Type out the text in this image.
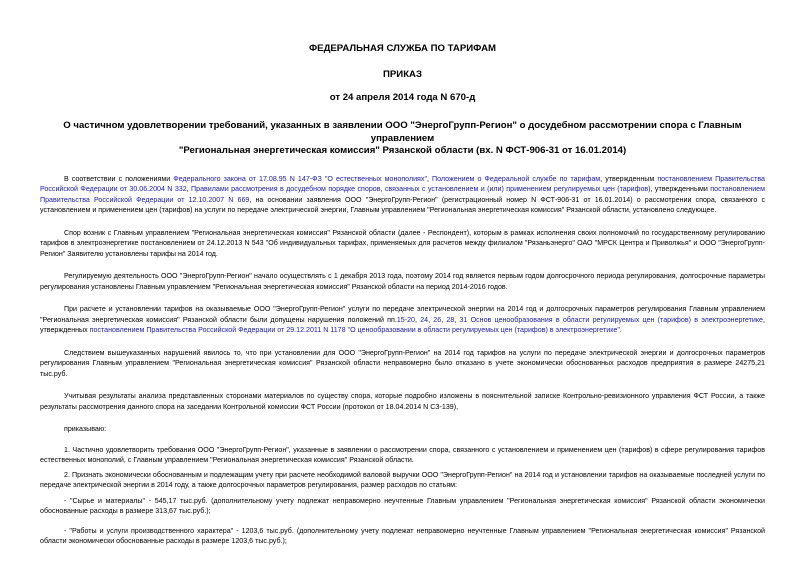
ФЕДЕРАЛЬНАЯ СЛУЖБА ПО ТАРИФАМ
ПРИКАЗ
от 24 апреля 2014 года N 670-д
О частичном удовлетворении требований, указанных в заявлении ООО "ЭнергоГрупп-Регион" о досудебном рассмотрении спора с Главным управлением
"Региональная энергетическая комиссия" Рязанской области (вх. N ФСТ-906-31 от 16.01.2014)

В соответствии с положениями Федерального закона от 17.08.95 N 147-ФЗ "О естественных монополиях", Положением о Федеральной службе по тарифам, утвержденным постановлением Правительства Российской Федерации от 30.06.2004 N 332, Правилами рассмотрения в досудебном порядке споров, связанных с установлением и (или) применением регулируемых цен (тарифов), утвержденными постановлением Правительства Российской Федерации от 12.10.2007 N 669, на основании заявления ООО "ЭнергоГрупп-Регион" (регистрационный номер N ФСТ-906-31 от 16.01.2014) о рассмотрении спора, связанного с установлением и применением цен (тарифов) на услуги по передаче электрической энергии, Главным управлением "Региональная энергетическая комиссия" Рязанской области, установлено следующее.

Спор возник с Главным управлением "Региональная энергетическая комиссия" Рязанской области (далее - Респондент), которым в рамках исполнения своих полномочий по государственному регулированию тарифов в электроэнергетике постановлением от 24.12.2013 N 543 "Об индивидуальных тарифах, применяемых для расчетов между филиалом "Рязаньэнерго" ОАО "МРСК Центра и Приволжья" и ООО "ЭнергоГрупп-Регион" Заявителю установлены тарифы на 2014 год.

Регулируемую деятельность ООО "ЭнергоГрупп-Регион" начало осуществлять с 1 декабря 2013 года, поэтому 2014 год является первым годом долгосрочного периода регулирования, долгосрочные параметры регулирования установлены Главным управлением "Региональная энергетическая комиссия" Рязанской области на период 2014-2016 годов.

При расчете и установлении тарифов на оказываемые ООО "ЭнергоГрупп-Регион" услуги по передаче электрической энергии на 2014 год и долгосрочных параметров регулирования Главным управлением "Региональная энергетическая комиссия" Рязанской области были допущены нарушения положений пп.15-20, 24, 26, 28, 31 Основ ценообразования в области регулируемых цен (тарифов) в электроэнергетике, утвержденных постановлением Правительства Российской Федерации от 29.12.2011 N 1178 "О ценообразовании в области регулируемых цен (тарифов) в электроэнергетике".

Следствием вышеуказанных нарушений явилось то, что при установлении для ООО "ЭнергоГрупп-Регион" на 2014 год тарифов на услуги по передаче электрической энергии и долгосрочных параметров регулирования Главным управлением "Региональная энергетическая комиссия" Рязанской области неправомерно было отказано в учете экономически обоснованных расходов предприятия в размере 24275,21 тыс.руб.

Учитывая результаты анализа представленных сторонами материалов по существу спора, которые подробно изложены в пояснительной записке Контрольно-ревизионного управления ФСТ России, а также результаты рассмотрения данного спора на заседании Контрольной комиссии ФСТ России (протокол от 18.04.2014 N СЗ-139),

приказываю:

1. Частично удовлетворить требования ООО "ЭнергоГрупп-Регион", указанные в заявлении о рассмотрении спора, связанного с установлением и применением цен (тарифов) в сфере регулирования тарифов естественных монополий, с Главным управлением "Региональная энергетическая комиссия" Рязанской области.

2. Признать экономически обоснованным и подлежащим учету при расчете необходимой валовой выручки ООО "ЭнергоГрупп-Регион" на 2014 год и установлении тарифов на оказываемые последней услуги по передаче электрической энергии в 2014 году, а также долгосрочных параметров регулирования, размер расходов по статьям:

- "Сырье и материалы" - 545,17 тыс.руб. (дополнительному учету подлежат неправомерно неучтенные Главным управлением "Региональная энергетическая комиссия" Рязанской области экономически обоснованные расходы в размере 313,67 тыс.руб.);

- "Работы и услуги производственного характера" - 1203,6 тыс.руб. (дополнительному учету подлежат неправомерно неучтенные Главным управлением "Региональная энергетическая комиссия" Рязанской области экономически обоснованные расходы в размере 1203,6 тыс.руб.);
